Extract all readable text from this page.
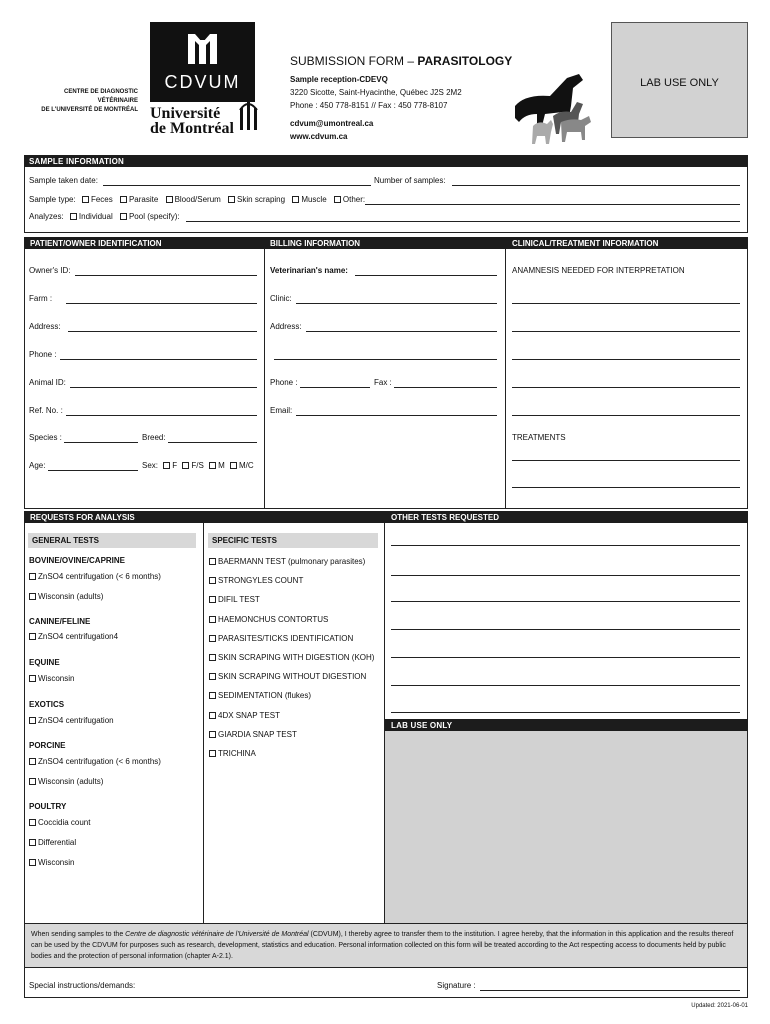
CENTRE DE DIAGNOSTIC VÉTÉRINAIRE
DE L'UNIVERSITÉ DE MONTRÉAL
CDVUM
Université
de Montréal
SUBMISSION FORM – PARASITOLOGY
Sample reception-CDEVQ
3220 Sicotte, Saint-Hyacinthe, Québec J2S 2M2
Phone : 450 778-8151 // Fax : 450 778-8107
cdvum@umontreal.ca
www.cdvum.ca
LAB USE ONLY
SAMPLE INFORMATION
Sample taken date:	Number of samples:
Sample type: Feces Parasite Blood/Serum Skin scraping Muscle Other:
Analyzes: Individual Pool (specify):
PATIENT/OWNER IDENTIFICATION	BILLING INFORMATION	CLINICAL/TREATMENT INFORMATION
Owner's ID:
Farm :
Address:
Phone :
Animal ID:
Ref. No. :
Species :	Breed:
Age:	Sex: F F/S M M/C
Veterinarian's name:
Clinic:
Address:
Phone :	Fax :
Email:
ANAMNESIS NEEDED FOR INTERPRETATION
TREATMENTS
REQUESTS FOR ANALYSIS	OTHER TESTS REQUESTED
GENERAL TESTS	SPECIFIC TESTS
BOVINE/OVINE/CAPRINE
ZnSO4 centrifugation (< 6 months)
Wisconsin (adults)
CANINE/FELINE
ZnSO4 centrifugation4
EQUINE
Wisconsin
EXOTICS
ZnSO4 centrifugation
PORCINE
ZnSO4 centrifugation (< 6 months)
Wisconsin (adults)
POULTRY
Coccidia count
Differential
Wisconsin
BAERMANN TEST (pulmonary parasites)
STRONGYLES COUNT
DIFIL TEST
HAEMONCHUS CONTORTUS
PARASITES/TICKS IDENTIFICATION
SKIN SCRAPING WITH DIGESTION (KOH)
SKIN SCRAPING WITHOUT DIGESTION
SEDIMENTATION (flukes)
4DX SNAP TEST
GIARDIA SNAP TEST
TRICHINA
LAB USE ONLY
When sending samples to the Centre de diagnostic vétérinaire de l'Université de Montréal (CDVUM), I thereby agree to transfer them to the institution. I agree hereby, that the information in this application and the results thereof can be used by the CDVUM for purposes such as research, development, statistics and education. Personal information collected on this form will be treated according to the Act respecting access to documents held by public bodies and the protection of personal information (chapter A-2.1).
Special instructions/demands:	Signature :
Updated: 2021-06-01
